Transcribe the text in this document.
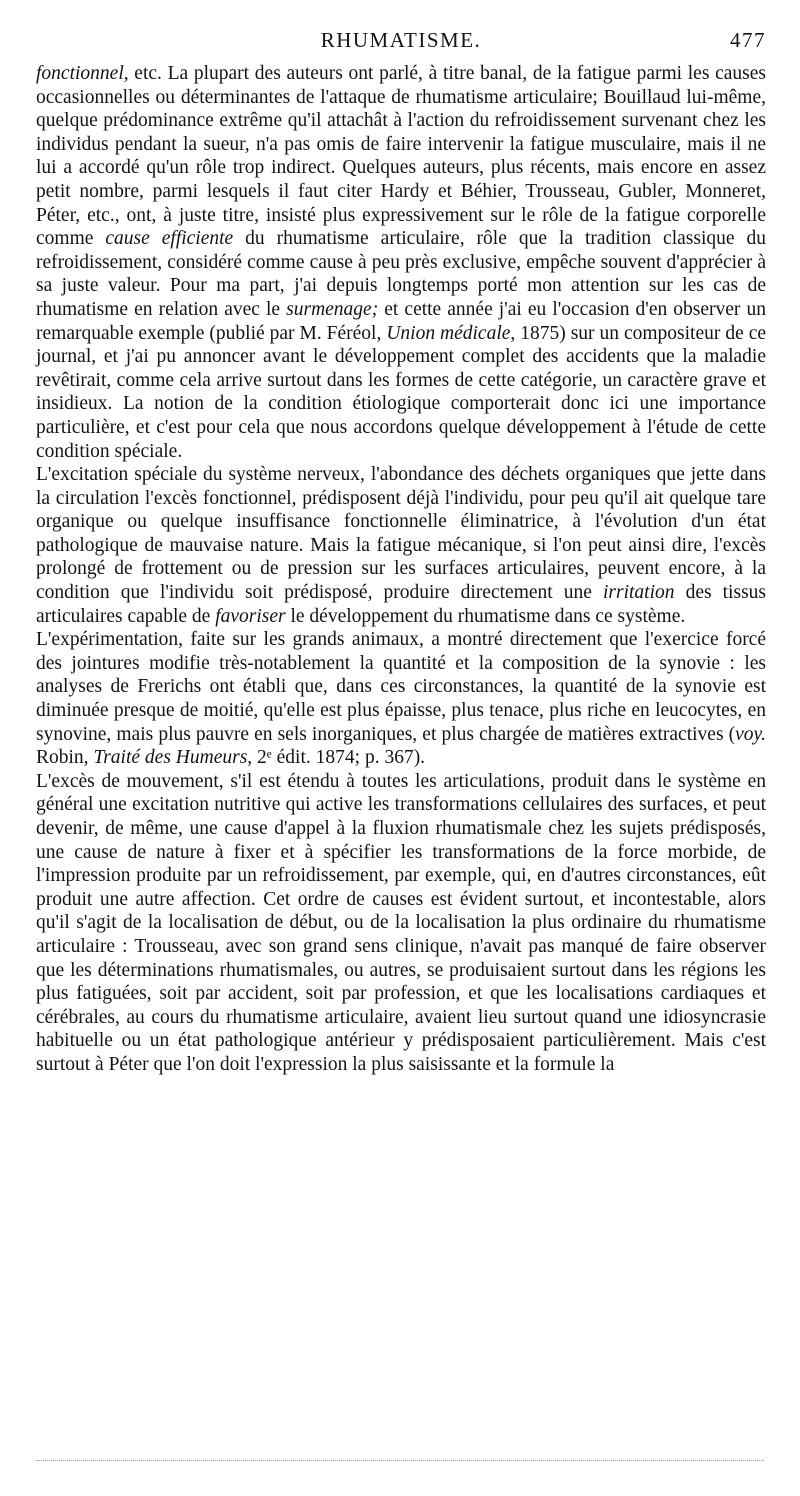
RHUMATISME.	477

fonctionnel, etc. La plupart des auteurs ont parlé, à titre banal, de la fatigue parmi les causes occasionnelles ou déterminantes de l'attaque de rhumatisme articulaire; Bouillaud lui-même, quelque prédominance extrême qu'il attachât à l'action du refroidissement survenant chez les individus pendant la sueur, n'a pas omis de faire intervenir la fatigue musculaire, mais il ne lui a accordé qu'un rôle trop indirect. Quelques auteurs, plus récents, mais encore en assez petit nombre, parmi lesquels il faut citer Hardy et Béhier, Trousseau, Gubler, Monneret, Péter, etc., ont, à juste titre, insisté plus expressivement sur le rôle de la fatigue corporelle comme cause efficiente du rhumatisme articulaire, rôle que la tradition classique du refroidissement, considéré comme cause à peu près exclusive, empêche souvent d'apprécier à sa juste valeur. Pour ma part, j'ai depuis longtemps porté mon attention sur les cas de rhumatisme en relation avec le surmenage; et cette année j'ai eu l'occasion d'en observer un remarquable exemple (publié par M. Féréol, Union médicale, 1875) sur un compositeur de ce journal, et j'ai pu annoncer avant le développement complet des accidents que la maladie revêtirait, comme cela arrive surtout dans les formes de cette catégorie, un caractère grave et insidieux. La notion de la condition étiologique comporterait donc ici une importance particulière, et c'est pour cela que nous accordons quelque développement à l'étude de cette condition spéciale.

L'excitation spéciale du système nerveux, l'abondance des déchets organiques que jette dans la circulation l'excès fonctionnel, prédisposent déjà l'individu, pour peu qu'il ait quelque tare organique ou quelque insuffisance fonctionnelle éliminatrice, à l'évolution d'un état pathologique de mauvaise nature. Mais la fatigue mécanique, si l'on peut ainsi dire, l'excès prolongé de frottement ou de pression sur les surfaces articulaires, peuvent encore, à la condition que l'individu soit prédisposé, produire directement une irritation des tissus articulaires capable de favoriser le développement du rhumatisme dans ce système.

L'expérimentation, faite sur les grands animaux, a montré directement que l'exercice forcé des jointures modifie très-notablement la quantité et la composition de la synovie : les analyses de Frerichs ont établi que, dans ces circonstances, la quantité de la synovie est diminuée presque de moitié, qu'elle est plus épaisse, plus tenace, plus riche en leucocytes, en synovine, mais plus pauvre en sels inorganiques, et plus chargée de matières extractives (voy. Robin, Traité des Humeurs, 2ᵉ édit. 1874; p. 367).

L'excès de mouvement, s'il est étendu à toutes les articulations, produit dans le système en général une excitation nutritive qui active les transformations cellulaires des surfaces, et peut devenir, de même, une cause d'appel à la fluxion rhumatismale chez les sujets prédisposés, une cause de nature à fixer et à spécifier les transformations de la force morbide, de l'impression produite par un refroidissement, par exemple, qui, en d'autres circonstances, eût produit une autre affection. Cet ordre de causes est évident surtout, et incontestable, alors qu'il s'agit de la localisation de début, ou de la localisation la plus ordinaire du rhumatisme articulaire : Trousseau, avec son grand sens clinique, n'avait pas manqué de faire observer que les déterminations rhumatismales, ou autres, se produisaient surtout dans les régions les plus fatiguées, soit par accident, soit par profession, et que les localisations cardiaques et cérébrales, au cours du rhumatisme articulaire, avaient lieu surtout quand une idiosyncrasie habituelle ou un état pathologique antérieur y prédisposaient particulièrement. Mais c'est surtout à Péter que l'on doit l'expression la plus saisissante et la formule la
